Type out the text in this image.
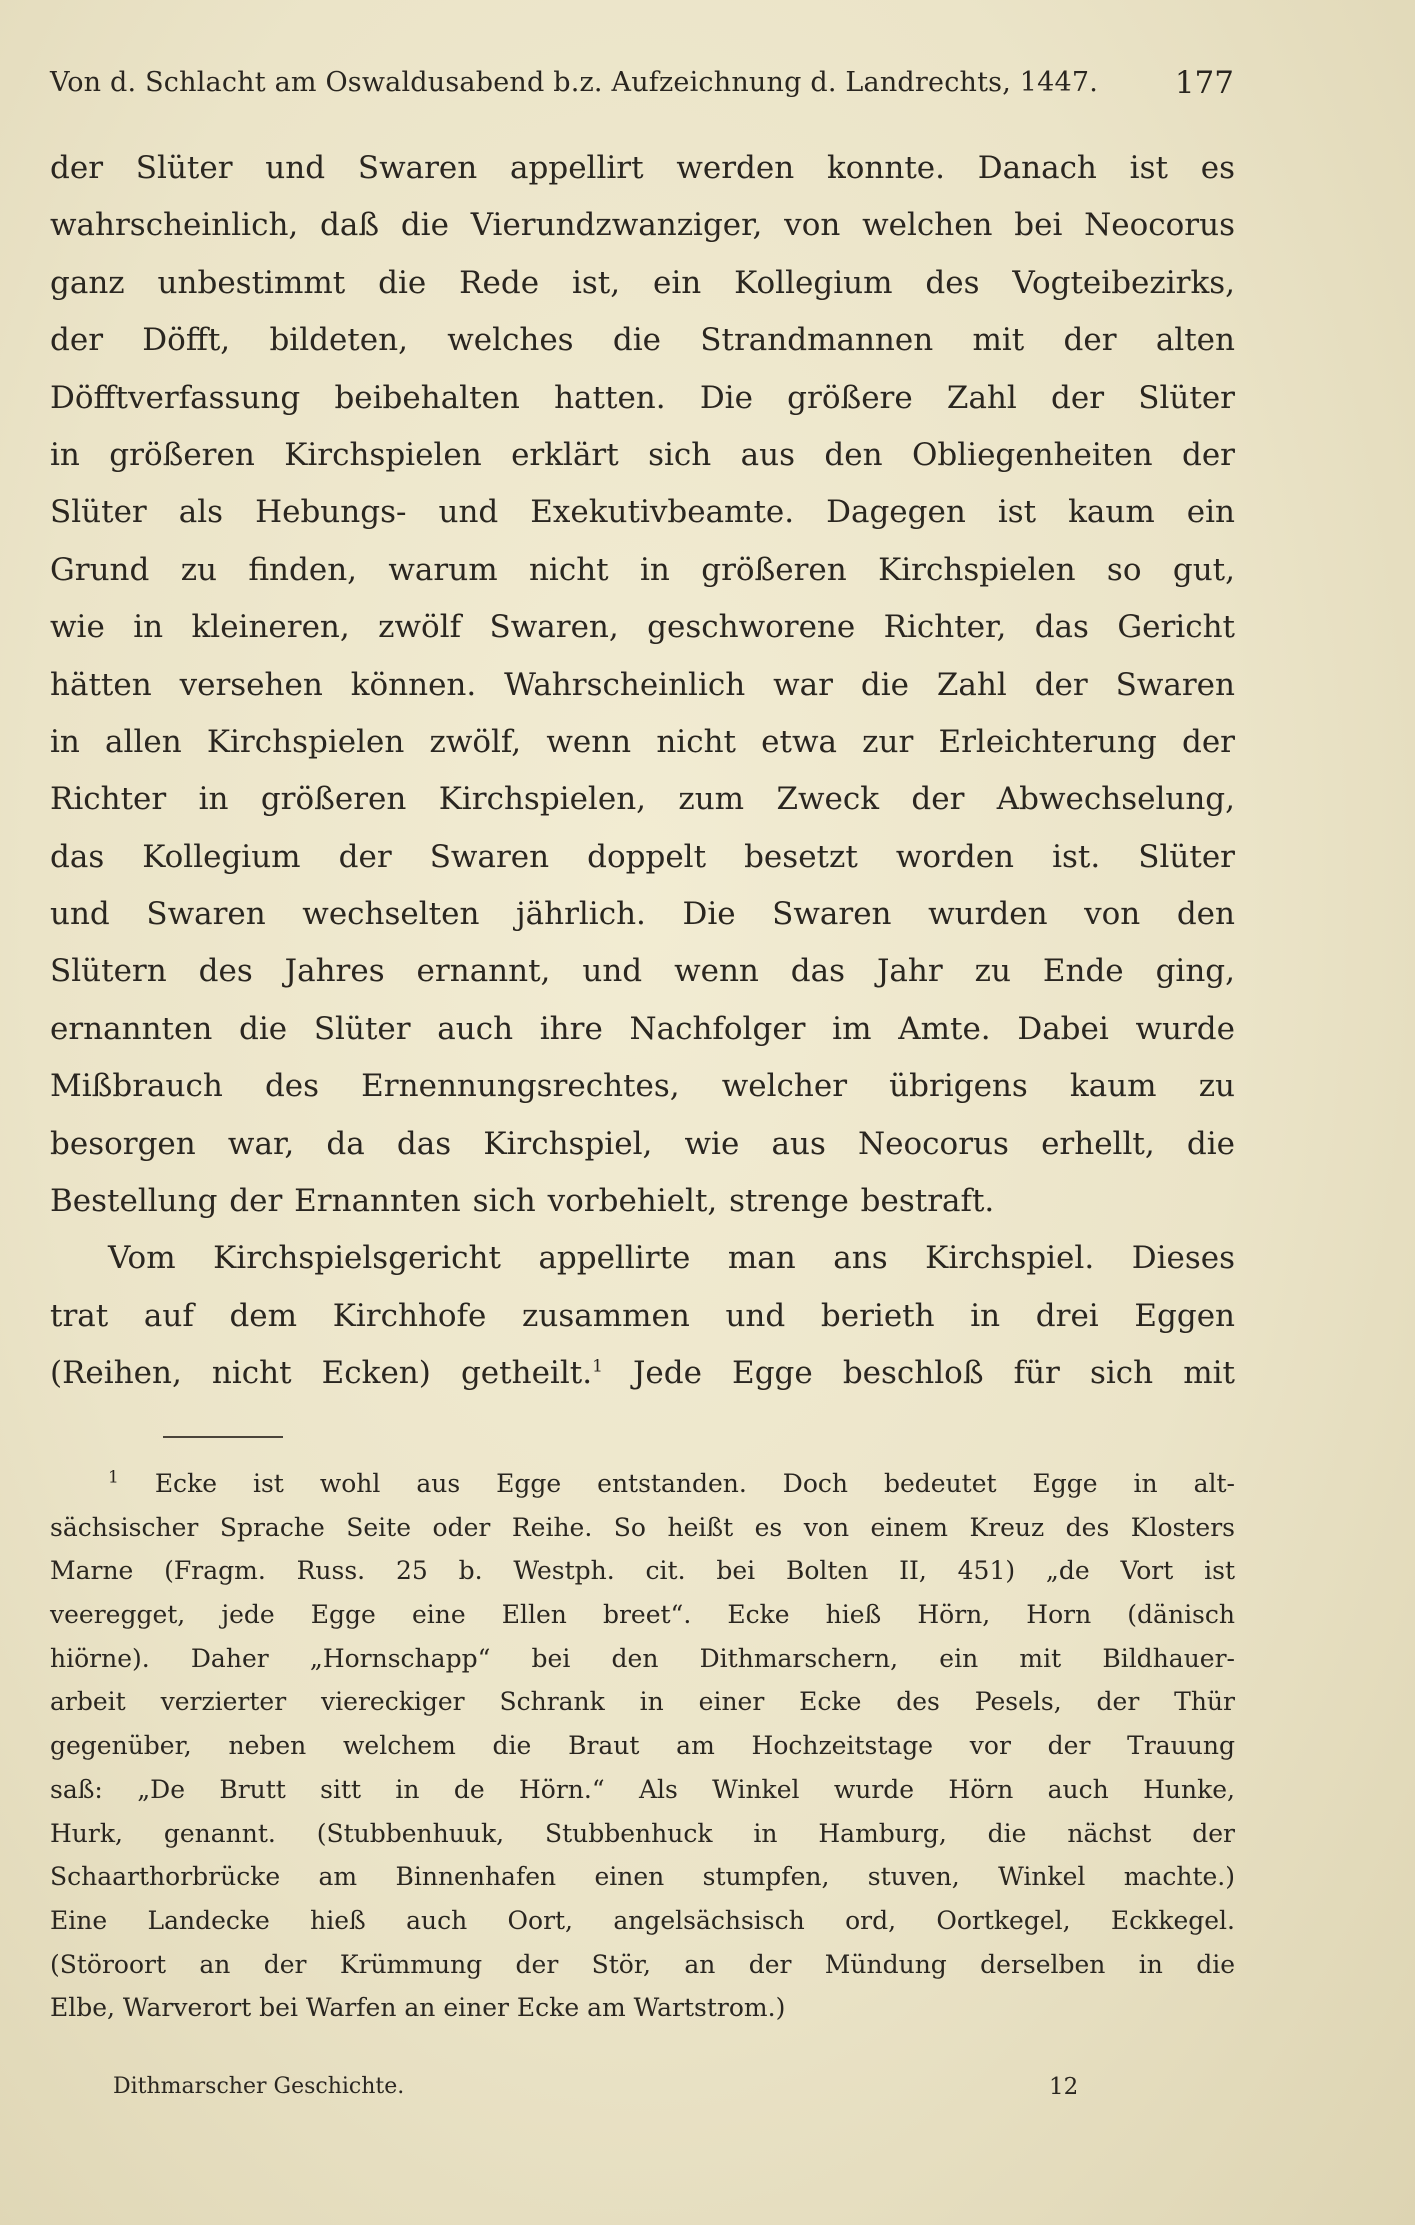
Von d. Schlacht am Oswaldusabend b.z. Aufzeichnung d. Landrechts, 1447.	177
der Slüter und Swaren appellirt werden konnte. Danach ist es
wahrscheinlich, daß die Vierundzwanziger, von welchen bei Neocorus
ganz unbestimmt die Rede ist, ein Kollegium des Vogteibezirks,
der Döfft, bildeten, welches die Strandmannen mit der alten
Döfftverfassung beibehalten hatten. Die größere Zahl der Slüter
in größeren Kirchspielen erklärt sich aus den Obliegenheiten der
Slüter als Hebungs- und Exekutivbeamte. Dagegen ist kaum ein
Grund zu finden, warum nicht in größeren Kirchspielen so gut,
wie in kleineren, zwölf Swaren, geschworene Richter, das Gericht
hätten versehen können. Wahrscheinlich war die Zahl der Swaren
in allen Kirchspielen zwölf, wenn nicht etwa zur Erleichterung der
Richter in größeren Kirchspielen, zum Zweck der Abwechselung,
das Kollegium der Swaren doppelt besetzt worden ist. Slüter
und Swaren wechselten jährlich. Die Swaren wurden von den
Slütern des Jahres ernannt, und wenn das Jahr zu Ende ging,
ernannten die Slüter auch ihre Nachfolger im Amte. Dabei wurde
Mißbrauch des Ernennungsrechtes, welcher übrigens kaum zu
besorgen war, da das Kirchspiel, wie aus Neocorus erhellt, die
Bestellung der Ernannten sich vorbehielt, strenge bestraft.
Vom Kirchspielsgericht appellirte man ans Kirchspiel. Dieses
trat auf dem Kirchhofe zusammen und berieth in drei Eggen
(Reihen, nicht Ecken) getheilt.$^1$ Jede Egge beschloß für sich mit
$^1$ Ecke ist wohl aus Egge entstanden. Doch bedeutet Egge in alt-
sächsischer Sprache Seite oder Reihe. So heißt es von einem Kreuz des Klosters
Marne (Fragm. Russ. 25 b. Westph. cit. bei Bolten II, 451) „de Vort ist
veeregget, jede Egge eine Ellen breet“. Ecke hieß Hörn, Horn (dänisch
hiörne). Daher „Hornschapp“ bei den Dithmarschern, ein mit Bildhauer-
arbeit verzierter viereckiger Schrank in einer Ecke des Pesels, der Thür
gegenüber, neben welchem die Braut am Hochzeitstage vor der Trauung
saß: „De Brutt sitt in de Hörn.“ Als Winkel wurde Hörn auch Hunke,
Hurk, genannt. (Stubbenhuuk, Stubbenhuck in Hamburg, die nächst der
Schaarthorbrücke am Binnenhafen einen stumpfen, stuven, Winkel machte.)
Eine Landecke hieß auch Oort, angelsächsisch ord, Oortkegel, Eckkegel.
(Störoort an der Krümmung der Stör, an der Mündung derselben in die
Elbe, Warverort bei Warfen an einer Ecke am Wartstrom.)
Dithmarscher Geschichte.	12
